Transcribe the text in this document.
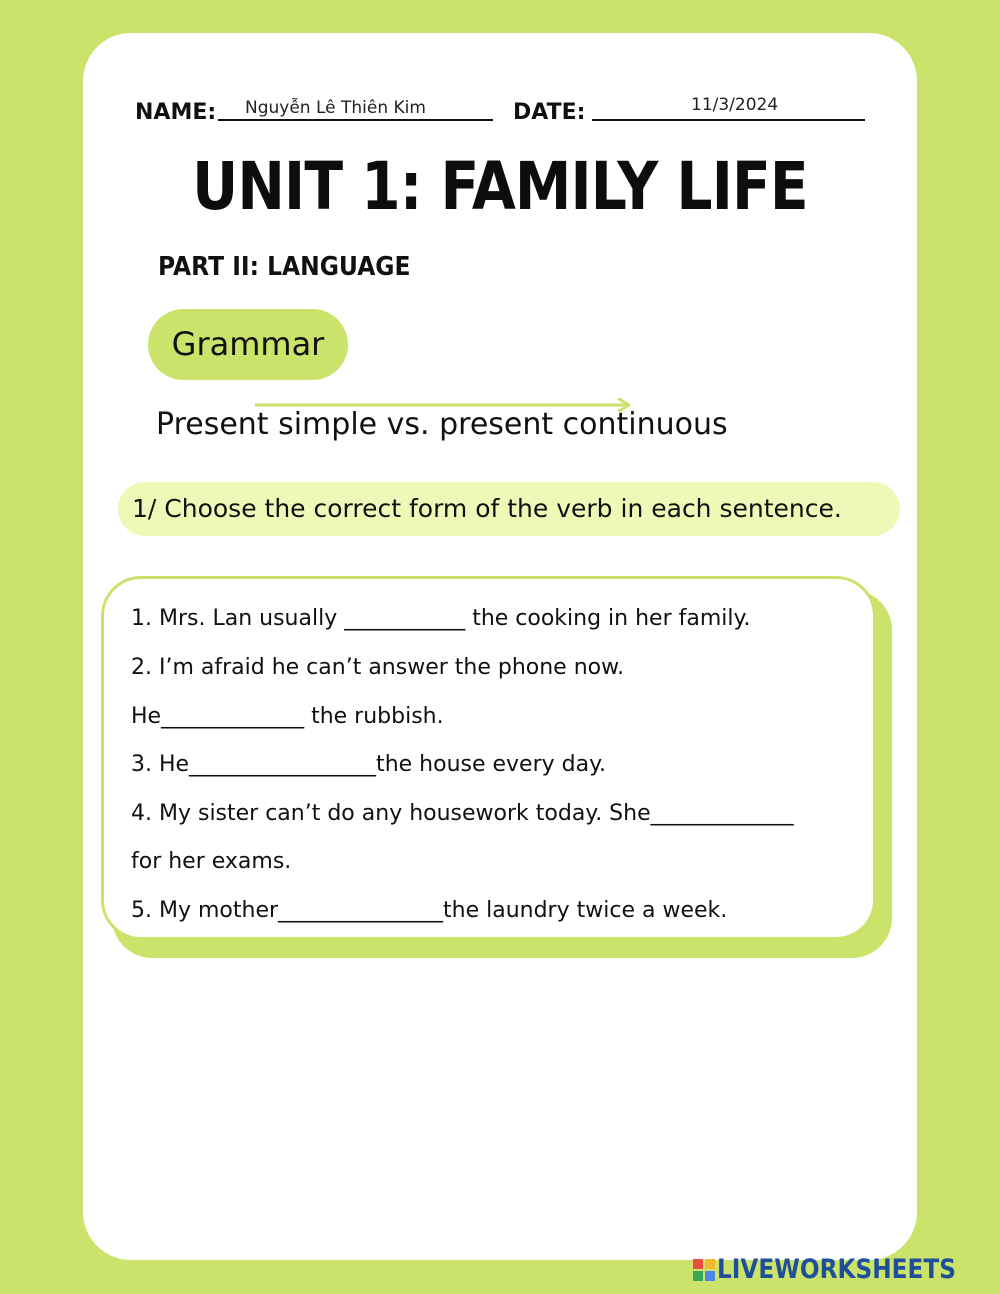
NAME: Nguyễn Lê Thiên Kim	DATE:	11/3/2024
UNIT 1: FAMILY LIFE
PART II: LANGUAGE
Grammar
Present simple vs. present continuous
1/ Choose the correct form of the verb in each sentence.
1. Mrs. Lan usually ___________ the cooking in her family.
2. I’m afraid he can’t answer the phone now.
He_____________ the rubbish.
3. He_________________the house every day.
4. My sister can’t do any housework today. She_____________
for her exams.
5. My mother_______________the laundry twice a week.
LIVEWORKSHEETS
